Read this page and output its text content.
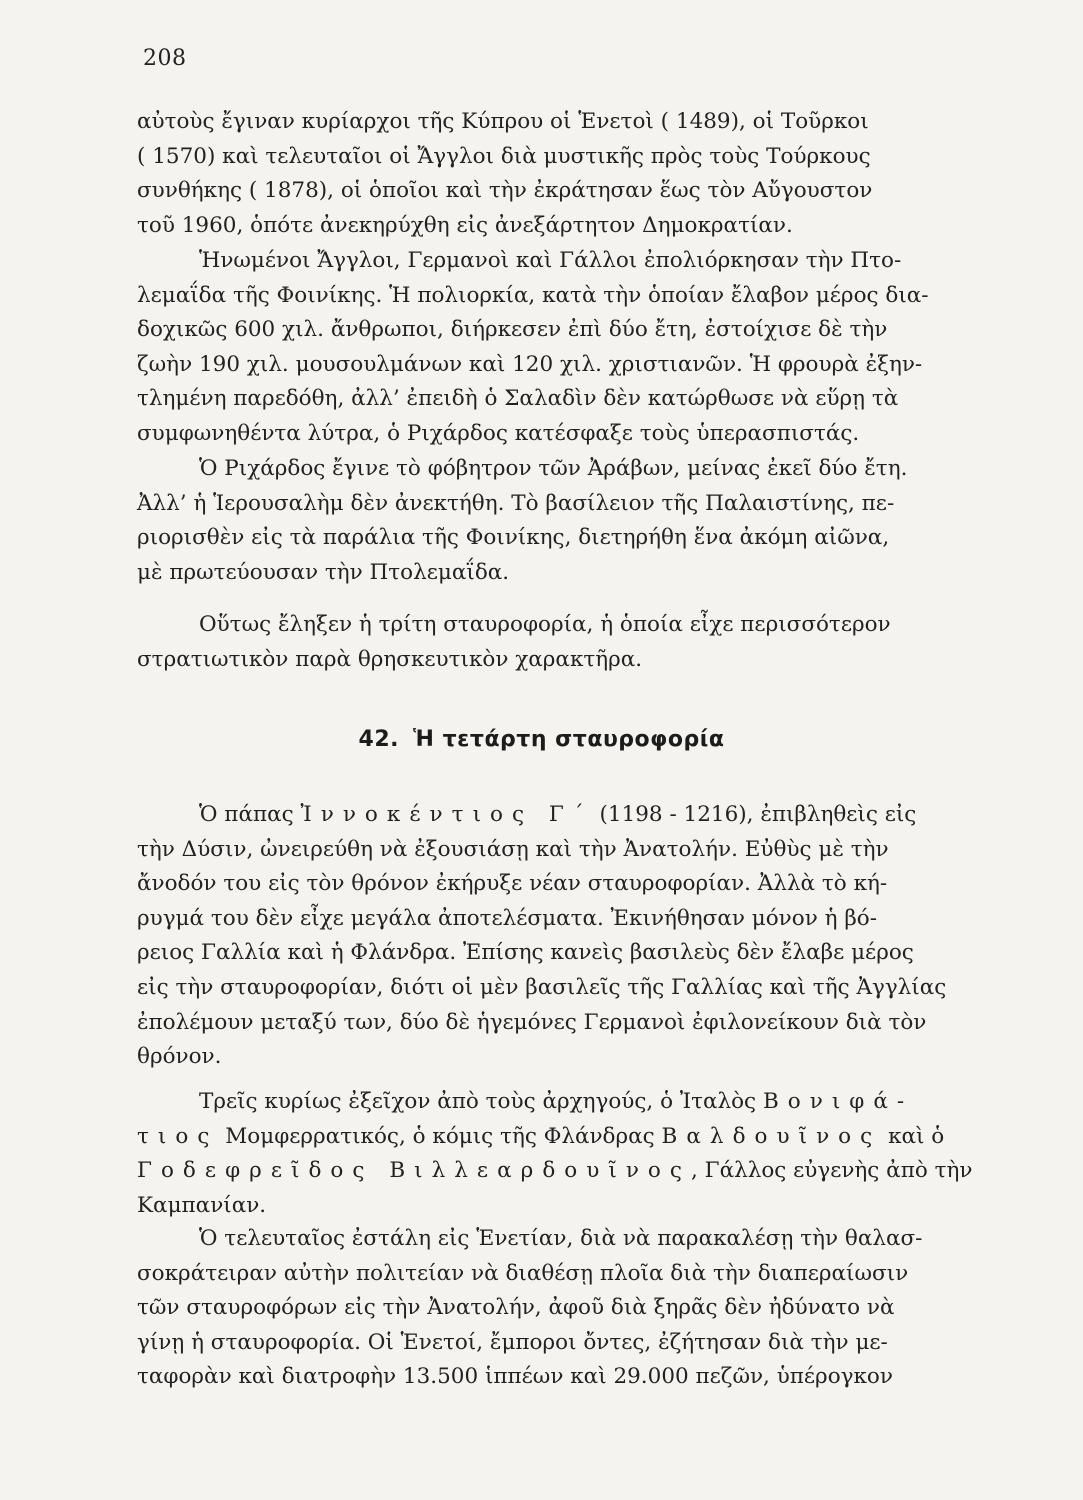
208

αὐτοὺς ἔγιναν κυρίαρχοι τῆς Κύπρου οἱ Ἑνετοὶ ( 1489), οἱ Τοῦρκοι
( 1570) καὶ τελευταῖοι οἱ Ἄγγλοι διὰ μυστικῆς πρὸς τοὺς Τούρκους
συνθήκης ( 1878), οἱ ὁποῖοι καὶ τὴν ἐκράτησαν ἕως τὸν Αὔγουστον
τοῦ 1960, ὁπότε ἀνεκηρύχθη εἰς ἀνεξάρτητον Δημοκρατίαν.

Ἡνωμένοι Ἄγγλοι, Γερμανοὶ καὶ Γάλλοι ἐπολιόρκησαν τὴν Πτο-
λεμαΐδα τῆς Φοινίκης. Ἡ πολιορκία, κατὰ τὴν ὁποίαν ἔλαβον μέρος δια-
δοχικῶς 600 χιλ. ἄνθρωποι, διήρκεσεν ἐπὶ δύο ἔτη, ἐστοίχισε δὲ τὴν
ζωὴν 190 χιλ. μουσουλμάνων καὶ 120 χιλ. χριστιανῶν. Ἡ φρουρὰ ἐξην-
τλημένη παρεδόθη, ἀλλ’ ἐπειδὴ ὁ Σαλαδὶν δὲν κατώρθωσε νὰ εὕρῃ τὰ
συμφωνηθέντα λύτρα, ὁ Ριχάρδος κατέσφαξε τοὺς ὑπερασπιστάς.

Ὁ Ριχάρδος ἔγινε τὸ φόβητρον τῶν Ἀράβων, μείνας ἐκεῖ δύο ἔτη.
Ἀλλ’ ἡ Ἱερουσαλὴμ δὲν ἀνεκτήθη. Τὸ βασίλειον τῆς Παλαιστίνης, πε-
ριορισθὲν εἰς τὰ παράλια τῆς Φοινίκης, διετηρήθη ἕνα ἀκόμη αἰῶνα,
μὲ πρωτεύουσαν τὴν Πτολεμαΐδα.

Οὕτως ἔληξεν ἡ τρίτη σταυροφορία, ἡ ὁποία εἶχε περισσότερον
στρατιωτικὸν παρὰ θρησκευτικὸν χαρακτῆρα.

42. Ἡ τετάρτη σταυροφορία

Ὁ πάπας Ἰννοκέντιος Γ΄ (1198 - 1216), ἐπιβληθεὶς εἰς
τὴν Δύσιν, ὠνειρεύθη νὰ ἐξουσιάσῃ καὶ τὴν Ἀνατολήν. Εὐθὺς μὲ τὴν
ἄνοδόν του εἰς τὸν θρόνον ἐκήρυξε νέαν σταυροφορίαν. Ἀλλὰ τὸ κή-
ρυγμά του δὲν εἶχε μεγάλα ἀποτελέσματα. Ἐκινήθησαν μόνον ἡ βό-
ρειος Γαλλία καὶ ἡ Φλάνδρα. Ἐπίσης κανεὶς βασιλεὺς δὲν ἔλαβε μέρος
εἰς τὴν σταυροφορίαν, διότι οἱ μὲν βασιλεῖς τῆς Γαλλίας καὶ τῆς Ἀγγλίας
ἐπολέμουν μεταξύ των, δύο δὲ ἡγεμόνες Γερμανοὶ ἐφιλονείκουν διὰ τὸν
θρόνον.

Τρεῖς κυρίως ἐξεῖχον ἀπὸ τοὺς ἀρχηγούς, ὁ Ἰταλὸς Βονιφά-
τιος Μομφερρατικός, ὁ κόμις τῆς Φλάνδρας Βαλδουῖνος καὶ ὁ
Γοδεφρεῖδος Βιλλεαρδουῖνος, Γάλλος εὐγενὴς ἀπὸ τὴν
Καμπανίαν.

Ὁ τελευταῖος ἐστάλη εἰς Ἑνετίαν, διὰ νὰ παρακαλέσῃ τὴν θαλασ-
σοκράτειραν αὐτὴν πολιτείαν νὰ διαθέσῃ πλοῖα διὰ τὴν διαπεραίωσιν
τῶν σταυροφόρων εἰς τὴν Ἀνατολήν, ἀφοῦ διὰ ξηρᾶς δὲν ἠδύνατο νὰ
γίνῃ ἡ σταυροφορία. Οἱ Ἑνετοί, ἔμποροι ὄντες, ἐζήτησαν διὰ τὴν με-
ταφορὰν καὶ διατροφὴν 13.500 ἱππέων καὶ 29.000 πεζῶν, ὑπέρογκον
